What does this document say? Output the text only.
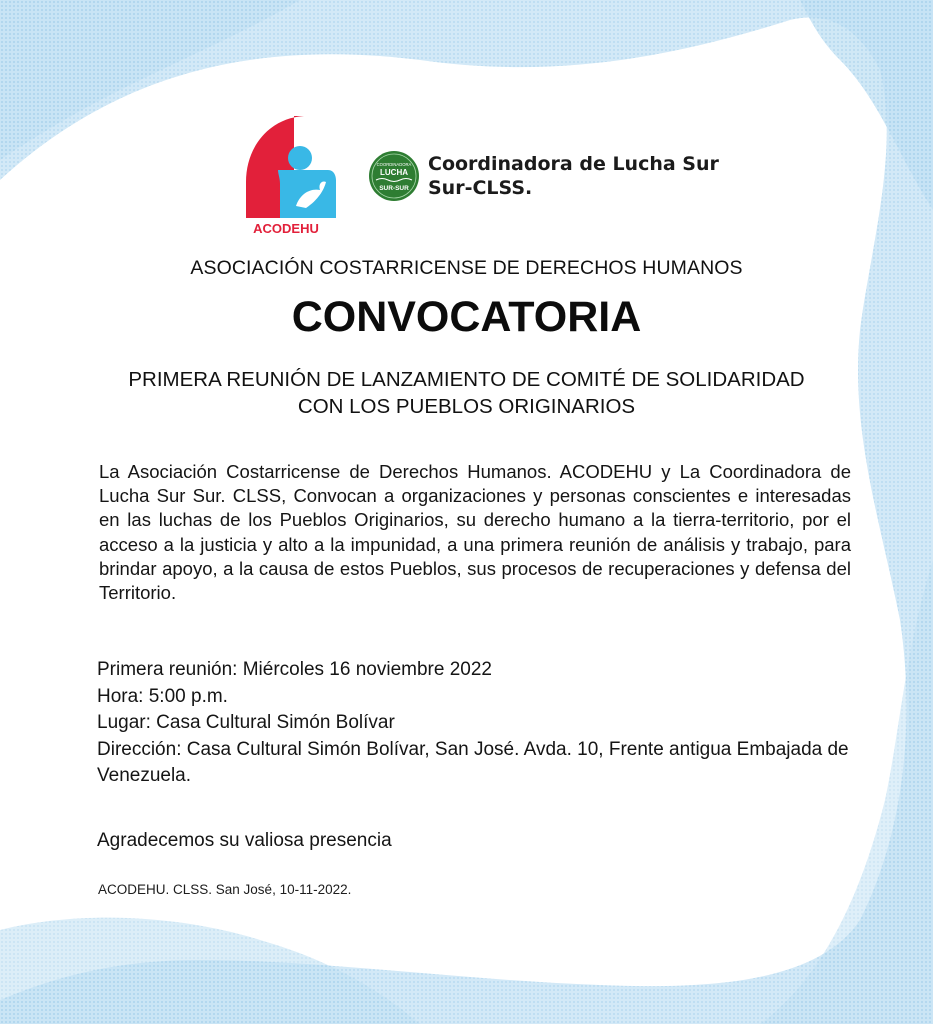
ACODEHU
COORDINADORA
LUCHA
SUR-SUR
Coordinadora de Lucha Sur
Sur-CLSS.
ASOCIACIÓN COSTARRICENSE DE DERECHOS HUMANOS
CONVOCATORIA
PRIMERA REUNIÓN DE LANZAMIENTO DE COMITÉ DE SOLIDARIDAD
CON LOS PUEBLOS ORIGINARIOS
La Asociación Costarricense de Derechos Humanos. ACODEHU y La Coordinadora de Lucha Sur Sur. CLSS, Convocan a organizaciones y personas conscientes e interesadas en las luchas de los Pueblos Originarios, su derecho humano a la tierra-territorio, por el acceso a la justicia y alto a la impunidad, a una primera reunión de análisis y trabajo, para brindar apoyo, a la causa de estos Pueblos, sus procesos de recuperaciones y defensa del Territorio.
Primera reunión: Miércoles 16 noviembre 2022
Hora: 5:00 p.m.
Lugar: Casa Cultural Simón Bolívar
Dirección: Casa Cultural Simón Bolívar, San José. Avda. 10, Frente antigua Embajada de Venezuela.
Agradecemos su valiosa presencia
ACODEHU. CLSS. San José, 10-11-2022.
